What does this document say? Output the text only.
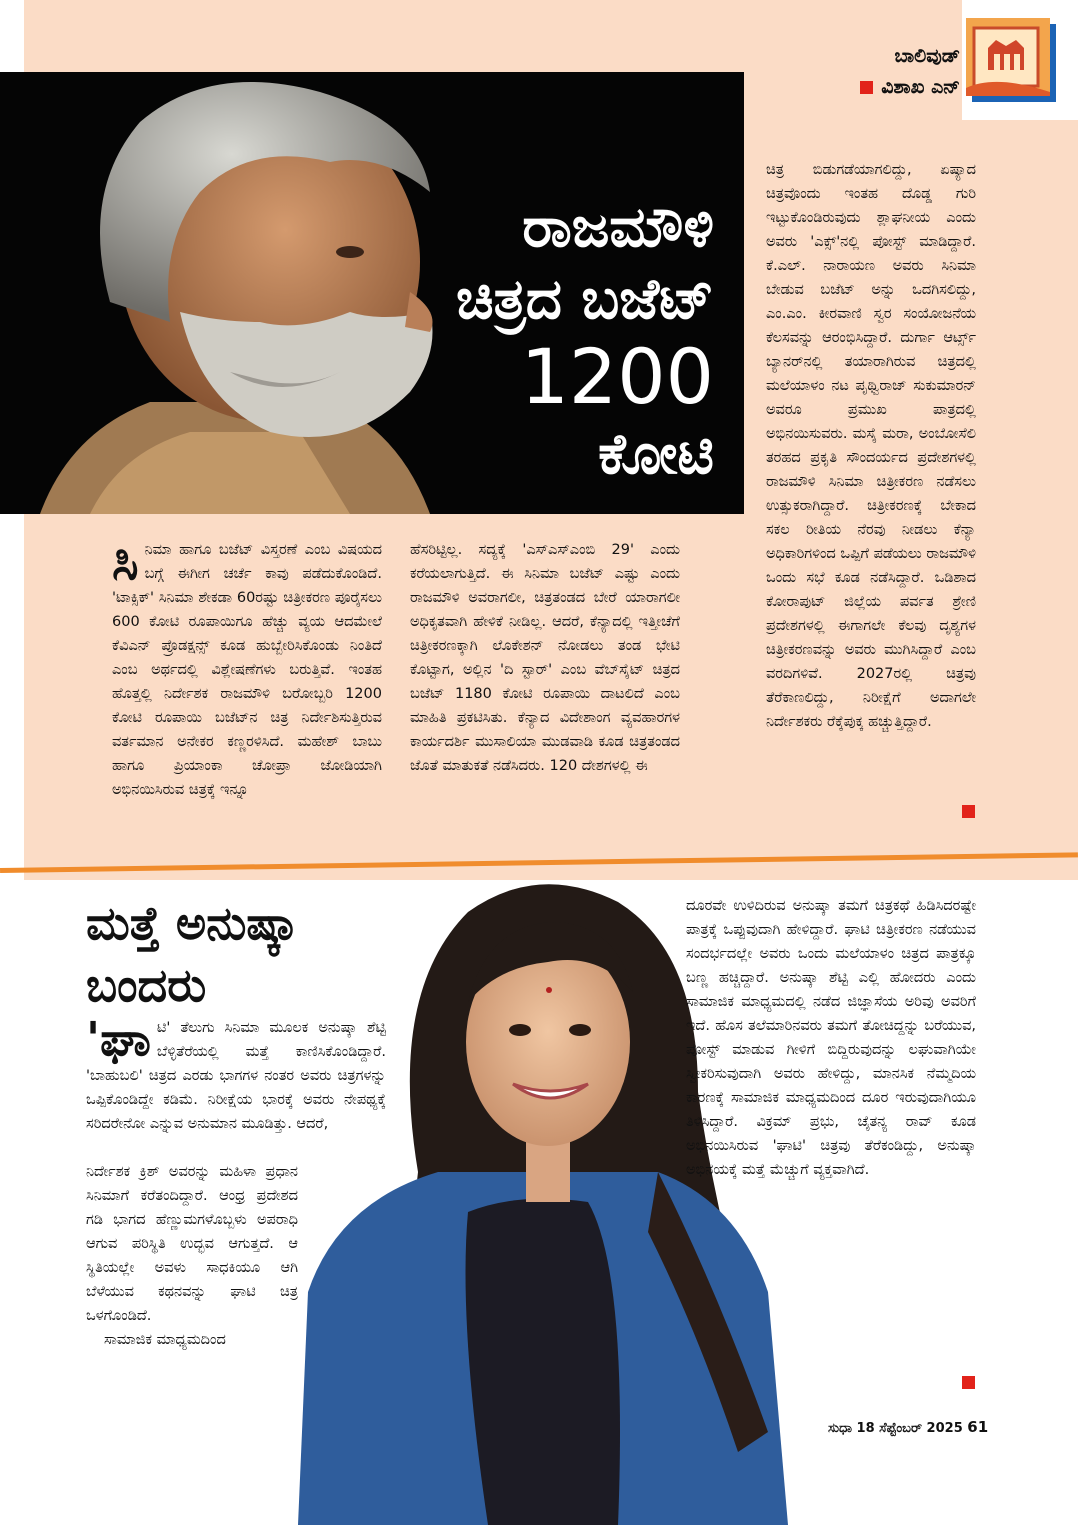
ಬಾಲಿವುಡ್
ವಿಶಾಖ ಎನ್
ರಾಜಮೌಳಿ
ಚಿತ್ರದ ಬಜೆಟ್
1200
ಕೋಟಿ
ಸಿ ನಿಮಾ ಹಾಗೂ ಬಜೆಟ್ ವಿಸ್ತರಣೆ ಎಂಬ ವಿಷಯದ ಬಗ್ಗೆ ಈಗೀಗ ಚರ್ಚೆ ಕಾವು ಪಡೆದುಕೊಂಡಿದೆ. 'ಟಾಕ್ಸಿಕ್' ಸಿನಿಮಾ ಶೇಕಡಾ 60ರಷ್ಟು ಚಿತ್ರೀಕರಣ ಪೂರೈಸಲು 600 ಕೋಟಿ ರೂಪಾಯಿಗೂ ಹೆಚ್ಚು ವ್ಯಯ ಆದಮೇಲೆ ಕೆವಿಎನ್ ಪ್ರೊಡಕ್ಷನ್ಸ್ ಕೂಡ ಹುಬ್ಬೇರಿಸಿಕೊಂಡು ನಿಂತಿದೆ ಎಂಬ ಅರ್ಥದಲ್ಲಿ ವಿಶ್ಲೇಷಣೆಗಳು ಬರುತ್ತಿವೆ. ಇಂತಹ ಹೊತ್ತಲ್ಲಿ ನಿರ್ದೇಶಕ ರಾಜಮೌಳಿ ಬರೋಬ್ಬರಿ 1200 ಕೋಟಿ ರೂಪಾಯಿ ಬಜೆಟ್‌ನ ಚಿತ್ರ ನಿರ್ದೇಶಿಸುತ್ತಿರುವ ವರ್ತಮಾನ ಅನೇಕರ ಕಣ್ಣರಳಿಸಿದೆ. ಮಹೇಶ್ ಬಾಬು ಹಾಗೂ ಪ್ರಿಯಾಂಕಾ ಚೋಪ್ರಾ ಜೋಡಿಯಾಗಿ ಅಭಿನಯಿಸಿರುವ ಚಿತ್ರಕ್ಕೆ ಇನ್ನೂ
ಹೆಸರಿಟ್ಟಿಲ್ಲ. ಸದ್ಯಕ್ಕೆ 'ಎಸ್‌ಎಸ್‌ಎಂಬಿ 29' ಎಂದು ಕರೆಯಲಾಗುತ್ತಿದೆ. ಈ ಸಿನಿಮಾ ಬಜೆಟ್ ಎಷ್ಟು ಎಂದು ರಾಜಮೌಳಿ ಅವರಾಗಲೀ, ಚಿತ್ರತಂಡದ ಬೇರೆ ಯಾರಾಗಲೀ ಅಧಿಕೃತವಾಗಿ ಹೇಳಿಕೆ ನೀಡಿಲ್ಲ. ಆದರೆ, ಕೆನ್ಯಾದಲ್ಲಿ ಇತ್ತೀಚೆಗೆ ಚಿತ್ರೀಕರಣಕ್ಕಾಗಿ ಲೊಕೇಶನ್ ನೋಡಲು ತಂಡ ಭೇಟಿ ಕೊಟ್ಟಾಗ, ಅಲ್ಲಿನ 'ದಿ ಸ್ಟಾರ್' ಎಂಬ ವೆಬ್‌ಸೈಟ್ ಚಿತ್ರದ ಬಜೆಟ್ 1180 ಕೋಟಿ ರೂಪಾಯಿ ದಾಟಲಿದೆ ಎಂಬ ಮಾಹಿತಿ ಪ್ರಕಟಿಸಿತು. ಕೆನ್ಯಾದ ವಿದೇಶಾಂಗ ವ್ಯವಹಾರಗಳ ಕಾರ್ಯದರ್ಶಿ ಮುಸಾಲಿಯಾ ಮುಡವಾಡಿ ಕೂಡ ಚಿತ್ರತಂಡದ ಜೊತೆ ಮಾತುಕತೆ ನಡೆಸಿದರು. 120 ದೇಶಗಳಲ್ಲಿ ಈ
ಚಿತ್ರ ಬಿಡುಗಡೆಯಾಗಲಿದ್ದು, ಏಷ್ಯಾದ ಚಿತ್ರವೊಂದು ಇಂತಹ ದೊಡ್ಡ ಗುರಿ ಇಟ್ಟುಕೊಂಡಿರುವುದು ಶ್ಲಾಘನೀಯ ಎಂದು ಅವರು 'ಎಕ್ಸ್'ನಲ್ಲಿ ಪೋಸ್ಟ್ ಮಾಡಿದ್ದಾರೆ. ಕೆ.ಎಲ್. ನಾರಾಯಣ ಅವರು ಸಿನಿಮಾ ಬೇಡುವ ಬಜೆಟ್ ಅನ್ನು ಒದಗಿಸಲಿದ್ದು, ಎಂ.ಎಂ. ಕೀರವಾಣಿ ಸ್ವರ ಸಂಯೋಜನೆಯ ಕೆಲಸವನ್ನು ಆರಂಭಿಸಿದ್ದಾರೆ. ದುರ್ಗಾ ಆರ್ಟ್ಸ್ ಬ್ಯಾನರ್‌ನಲ್ಲಿ ತಯಾರಾಗಿರುವ ಚಿತ್ರದಲ್ಲಿ ಮಲೆಯಾಳಂ ನಟ ಪೃಥ್ವಿರಾಜ್ ಸುಕುಮಾರನ್ ಅವರೂ ಪ್ರಮುಖ ಪಾತ್ರದಲ್ಲಿ ಅಭಿನಯಿಸುವರು. ಮಸೈ ಮರಾ, ಅಂಬೋಸೆಲಿ ತರಹದ ಪ್ರಕೃತಿ ಸೌಂದರ್ಯದ ಪ್ರದೇಶಗಳಲ್ಲಿ ರಾಜಮೌಳಿ ಸಿನಿಮಾ ಚಿತ್ರೀಕರಣ ನಡೆಸಲು ಉತ್ಸುಕರಾಗಿದ್ದಾರೆ. ಚಿತ್ರೀಕರಣಕ್ಕೆ ಬೇಕಾದ ಸಕಲ ರೀತಿಯ ನೆರವು ನೀಡಲು ಕೆನ್ಯಾ ಅಧಿಕಾರಿಗಳಿಂದ ಒಪ್ಪಿಗೆ ಪಡೆಯಲು ರಾಜಮೌಳಿ ಒಂದು ಸಭೆ ಕೂಡ ನಡೆಸಿದ್ದಾರೆ. ಒಡಿಶಾದ ಕೋರಾಪುಟ್ ಜಿಲ್ಲೆಯ ಪರ್ವತ ಶ್ರೇಣಿ ಪ್ರದೇಶಗಳಲ್ಲಿ ಈಗಾಗಲೇ ಕೆಲವು ದೃಶ್ಯಗಳ ಚಿತ್ರೀಕರಣವನ್ನು ಅವರು ಮುಗಿಸಿದ್ದಾರೆ ಎಂಬ ವರದಿಗಳಿವೆ. 2027ರಲ್ಲಿ ಚಿತ್ರವು ತೆರೆಕಾಣಲಿದ್ದು, ನಿರೀಕ್ಷೆಗೆ ಅದಾಗಲೇ ನಿರ್ದೇಶಕರು ರೆಕ್ಕೆಪುಕ್ಕ ಹಚ್ಚುತ್ತಿದ್ದಾರೆ.
ಮತ್ತೆ ಅನುಷ್ಕಾ
ಬಂದರು
'ಘಾ ಟಿ' ತೆಲುಗು ಸಿನಿಮಾ ಮೂಲಕ ಅನುಷ್ಕಾ ಶೆಟ್ಟಿ ಬೆಳ್ಳಿತೆರೆಯಲ್ಲಿ ಮತ್ತೆ ಕಾಣಿಸಿಕೊಂಡಿದ್ದಾರೆ. 'ಬಾಹುಬಲಿ' ಚಿತ್ರದ ಎರಡು ಭಾಗಗಳ ನಂತರ ಅವರು ಚಿತ್ರಗಳನ್ನು ಒಪ್ಪಿಕೊಂಡಿದ್ದೇ ಕಡಿಮೆ. ನಿರೀಕ್ಷೆಯ ಭಾರಕ್ಕೆ ಅವರು ನೇಪಥ್ಯಕ್ಕೆ ಸರಿದರೇನೋ ಎನ್ನುವ ಅನುಮಾನ ಮೂಡಿತ್ತು. ಆದರೆ,
ನಿರ್ದೇಶಕ ಕ್ರಿಶ್ ಅವರನ್ನು ಮಹಿಳಾ ಪ್ರಧಾನ ಸಿನಿಮಾಗೆ ಕರೆತಂದಿದ್ದಾರೆ. ಆಂಧ್ರ ಪ್ರದೇಶದ ಗಡಿ ಭಾಗದ ಹೆಣ್ಣುಮಗಳೊಬ್ಬಳು ಅಪರಾಧಿ ಆಗುವ ಪರಿಸ್ಥಿತಿ ಉದ್ಭವ ಆಗುತ್ತದೆ. ಆ ಸ್ಥಿತಿಯಲ್ಲೇ ಅವಳು ಸಾಧಕಿಯೂ ಆಗಿ ಬೆಳೆಯುವ ಕಥನವನ್ನು ಘಾಟಿ ಚಿತ್ರ ಒಳಗೊಂಡಿದೆ.

ಸಾಮಾಜಿಕ ಮಾಧ್ಯಮದಿಂದ

ದೂರವೇ ಉಳಿದಿರುವ ಅನುಷ್ಕಾ ತಮಗೆ ಚಿತ್ರಕಥೆ ಹಿಡಿಸಿದರಷ್ಟೇ ಪಾತ್ರಕ್ಕೆ ಒಪ್ಪುವುದಾಗಿ ಹೇಳಿದ್ದಾರೆ. ಘಾಟಿ ಚಿತ್ರೀಕರಣ ನಡೆಯುವ ಸಂದರ್ಭದಲ್ಲೇ ಅವರು ಒಂದು ಮಲೆಯಾಳಂ ಚಿತ್ರದ ಪಾತ್ರಕ್ಕೂ ಬಣ್ಣ ಹಚ್ಚಿದ್ದಾರೆ. ಅನುಷ್ಕಾ ಶೆಟ್ಟಿ ಎಲ್ಲಿ ಹೋದರು ಎಂದು ಸಾಮಾಜಿಕ ಮಾಧ್ಯಮದಲ್ಲಿ ನಡೆದ ಜಿಜ್ಞಾಸೆಯ ಅರಿವು ಅವರಿಗೆ ಇದೆ. ಹೊಸ ತಲೆಮಾರಿನವರು ತಮಗೆ ತೋಚಿದ್ದನ್ನು ಬರೆಯುವ, ಪೋಸ್ಟ್ ಮಾಡುವ ಗೀಳಿಗೆ ಬಿದ್ದಿರುವುದನ್ನು ಲಘುವಾಗಿಯೇ ಸ್ವೀಕರಿಸುವುದಾಗಿ ಅವರು ಹೇಳಿದ್ದು, ಮಾನಸಿಕ ನೆಮ್ಮದಿಯ ಕಾರಣಕ್ಕೆ ಸಾಮಾಜಿಕ ಮಾಧ್ಯಮದಿಂದ ದೂರ ಇರುವುದಾಗಿಯೂ ತಿಳಿಸಿದ್ದಾರೆ. ವಿಕ್ರಮ್ ಪ್ರಭು, ಚೈತನ್ಯ ರಾವ್ ಕೂಡ ಅಭಿನಯಿಸಿರುವ 'ಘಾಟಿ' ಚಿತ್ರವು ತೆರೆಕಂಡಿದ್ದು, ಅನುಷ್ಕಾ ಅಭಿನಯಕ್ಕೆ ಮತ್ತೆ ಮೆಚ್ಚುಗೆ ವ್ಯಕ್ತವಾಗಿದೆ.
ಸುಧಾ 18 ಸೆಪ್ಟೆಂಬರ್ 2025 61
